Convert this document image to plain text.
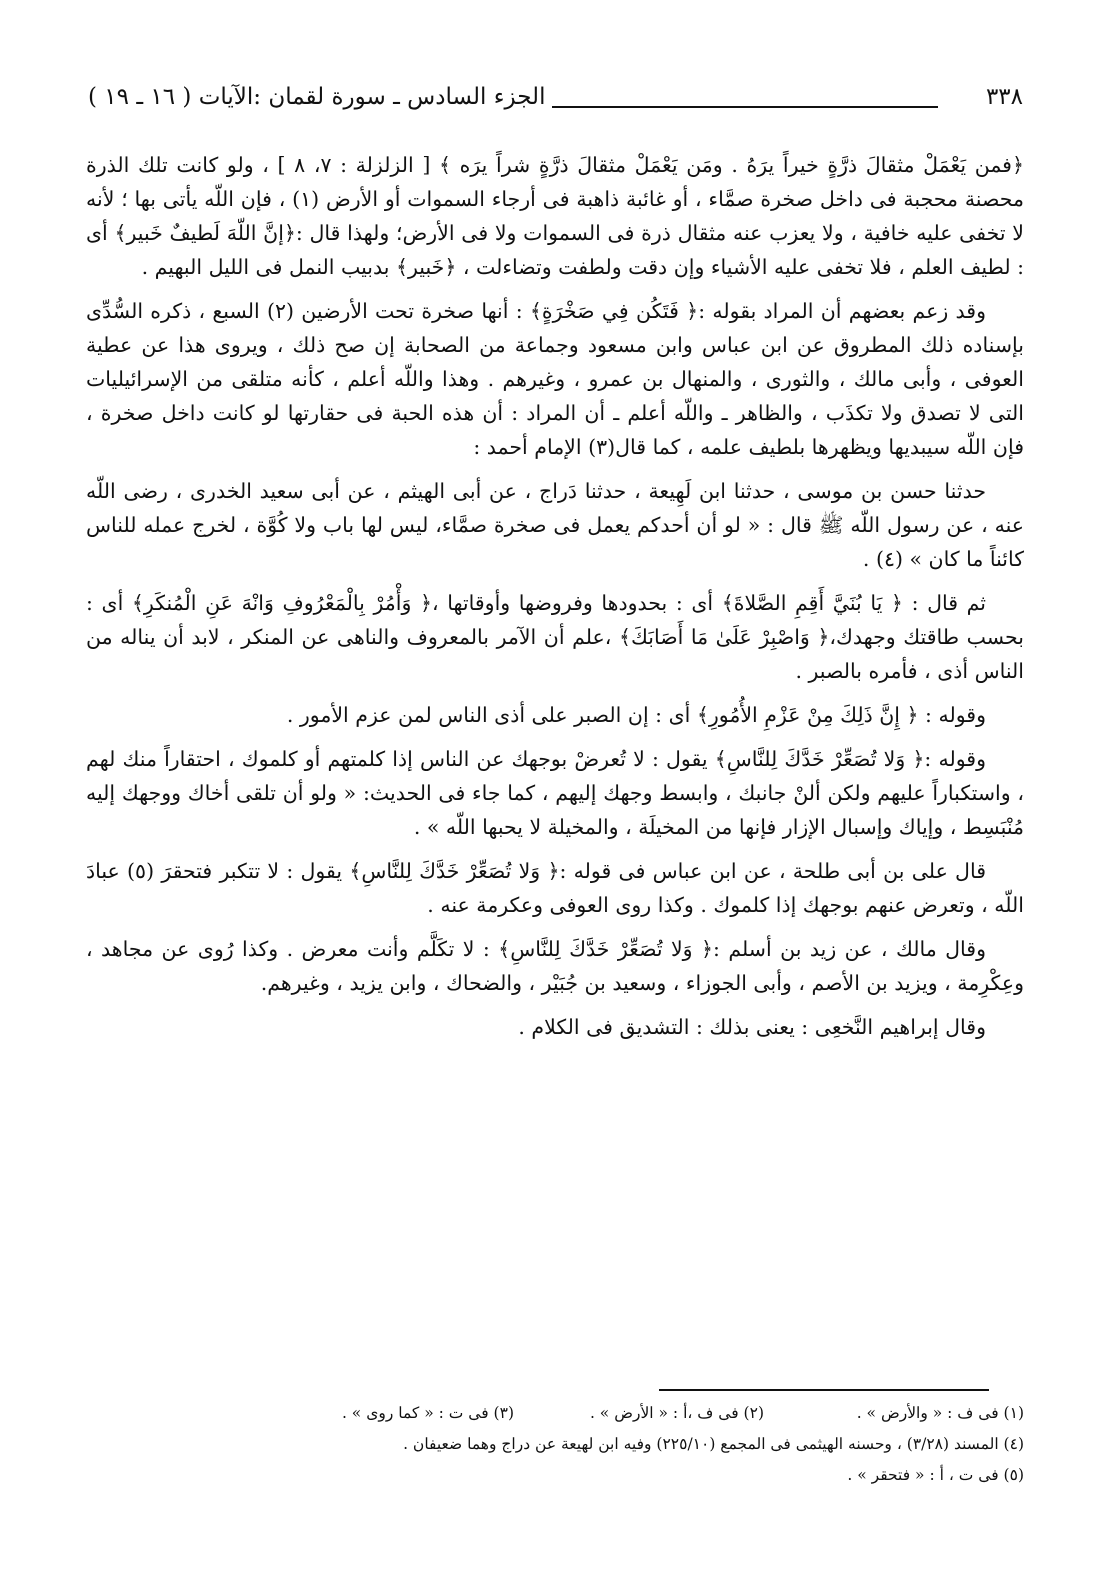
٣٣٨
الجزء السادس ـ سورة لقمان :الآيات ( ١٦ ـ ١٩ )

﴿فمن يَعْمَلْ مثقالَ ذرَّةٍ خيراً يرَهُ . ومَن يَعْمَلْ مثقالَ ذرَّةٍ شراً يرَه ﴾ [ الزلزلة : ٧، ٨ ] ، ولو كانت تلك الذرة محصنة محجبة فى داخل صخرة صمَّاء ، أو غائبة ذاهبة فى أرجاء السموات أو الأرض (١) ، فإن اللّه يأتى بها ؛ لأنه لا تخفى عليه خافية ، ولا يعزب عنه مثقال ذرة فى السموات ولا فى الأرض؛ ولهذا قال :﴿إنَّ اللّهَ لَطيفٌ خَبير﴾ أى : لطيف العلم ، فلا تخفى عليه الأشياء وإن دقت ولطفت وتضاءلت ، ﴿خَبير﴾ بدبيب النمل فى الليل البهيم .

وقد زعم بعضهم أن المراد بقوله :﴿ فَتَكُن فِي صَخْرَةٍ﴾ : أنها صخرة تحت الأرضين (٢) السبع ، ذكره السُّدِّى بإسناده ذلك المطروق عن ابن عباس وابن مسعود وجماعة من الصحابة إن صح ذلك ، ويروى هذا عن عطية العوفى ، وأبى مالك ، والثورى ، والمنهال بن عمرو ، وغيرهم . وهذا واللّه أعلم ، كأنه متلقى من الإسرائيليات التى لا تصدق ولا تكذَب ، والظاهر ـ واللّه أعلم ـ أن المراد : أن هذه الحبة فى حقارتها لو كانت داخل صخرة ، فإن اللّه سيبديها ويظهرها بلطيف علمه ، كما قال(٣) الإمام أحمد :

حدثنا حسن بن موسى ، حدثنا ابن لَهِيعة ، حدثنا دَراج ، عن أبى الهيثم ، عن أبى سعيد الخدرى ، رضى اللّه عنه ، عن رسول اللّه ﷺ قال : « لو أن أحدكم يعمل فى صخرة صمَّاء، ليس لها باب ولا كُوَّة ، لخرج عمله للناس كائناً ما كان » (٤) .

ثم قال : ﴿ يَا بُنَيَّ أَقِمِ الصَّلاةَ﴾ أى : بحدودها وفروضها وأوقاتها ،﴿ وَأْمُرْ بِالْمَعْرُوفِ وَانْهَ عَنِ الْمُنكَرِ﴾ أى : بحسب طاقتك وجهدك،﴿ وَاصْبِرْ عَلَىٰ مَا أَصَابَكَ﴾ ،علم أن الآمر بالمعروف والناهى عن المنكر ، لابد أن يناله من الناس أذى ، فأمره بالصبر .

وقوله : ﴿ إِنَّ ذَلِكَ مِنْ عَزْمِ الأُمُورِ﴾ أى : إن الصبر على أذى الناس لمن عزم الأمور .

وقوله :﴿ وَلا تُصَعِّرْ خَدَّكَ لِلنَّاسِ﴾ يقول : لا تُعرضْ بوجهك عن الناس إذا كلمتهم أو كلموك ، احتقاراً منك لهم ، واستكباراً عليهم ولكن ألنْ جانبك ، وابسط وجهك إليهم ، كما جاء فى الحديث: « ولو أن تلقى أخاك ووجهك إليه مُنْبَسِط ، وإياك وإسبال الإزار فإنها من المخيلَة ، والمخيلة لا يحبها اللّه » .

قال على بن أبى طلحة ، عن ابن عباس فى قوله :﴿ وَلا تُصَعِّرْ خَدَّكَ لِلنَّاسِ﴾ يقول : لا تتكبر فتحقرَ (٥) عبادَ اللّه ، وتعرض عنهم بوجهك إذا كلموك . وكذا روى العوفى وعكرمة عنه .

وقال مالك ، عن زيد بن أسلم :﴿ وَلا تُصَعِّرْ خَدَّكَ لِلنَّاسِ﴾ : لا تكَلَّم وأنت معرض . وكذا رُوى عن مجاهد ، وعِكْرِمة ، ويزيد بن الأصم ، وأبى الجوزاء ، وسعيد بن جُبَيْر ، والضحاك ، وابن يزيد ، وغيرهم.

وقال إبراهيم النَّخعِى : يعنى بذلك : التشديق فى الكلام .

(١) فى ف : « والأرض » .
(٢) فى ف ،أ : « الأرض » .
(٣) فى ت : « كما روى » .
(٤) المسند (٣/٢٨) ، وحسنه الهيثمى فى المجمع (٢٢٥/١٠) وفيه ابن لهيعة عن دراج وهما ضعيفان .
(٥) فى ت ، أ : « فتحقر » .
